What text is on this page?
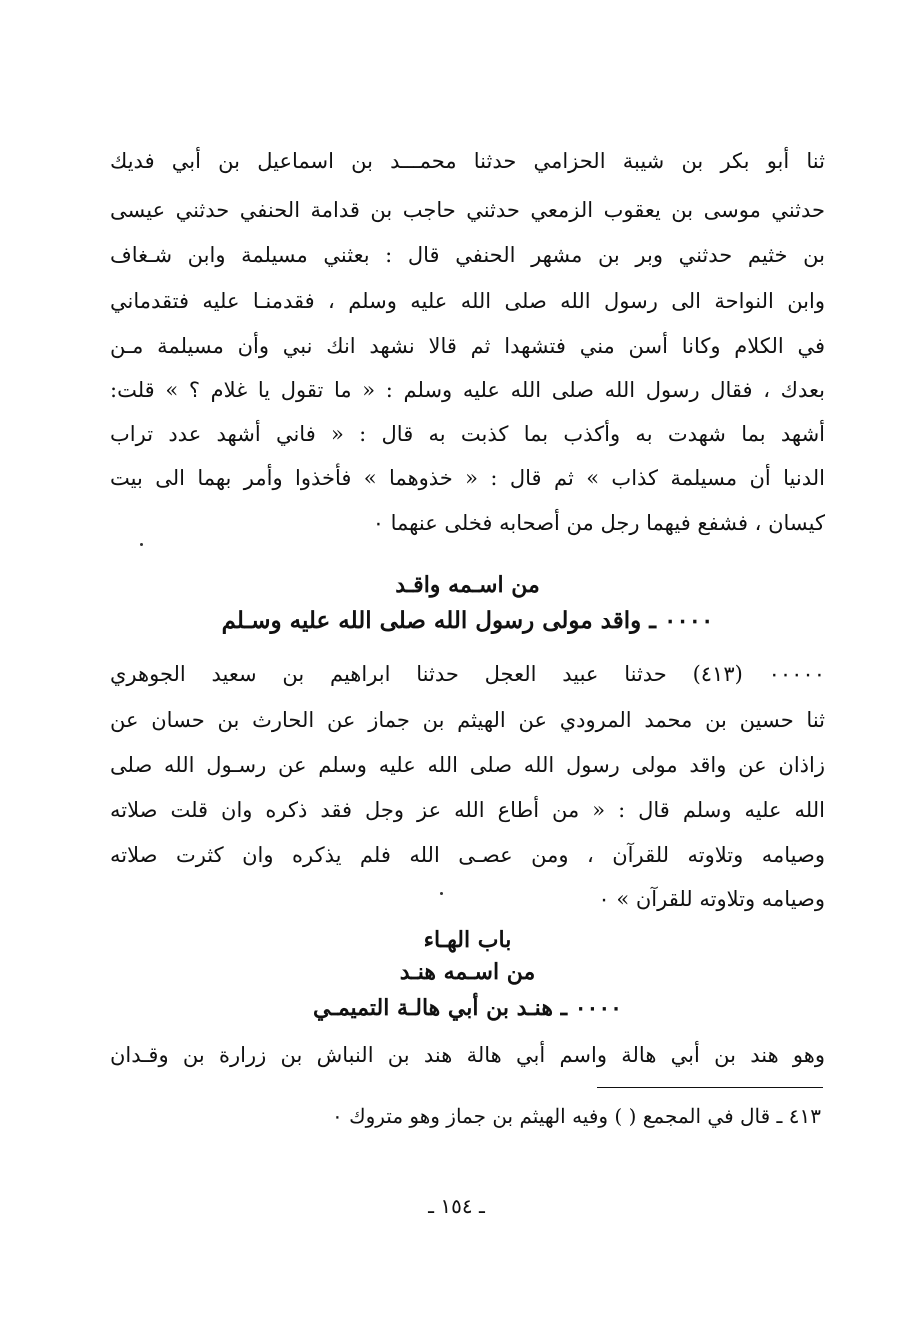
ثنا أبو بكر بن شيبة الحزامي حدثنا محمـــد بن اسماعيل بن أبي فديك
حدثني موسى بن يعقوب الزمعي حدثني حاجب بن قدامة الحنفي حدثني عيسى
بن خثيم حدثني وبر بن مشهر الحنفي قال : بعثني مسيلمة وابن شـغاف
وابن النواحة الى رسول الله صلى الله عليه وسلم ، فقدمنـا عليه فتقدماني
في الكلام وكانا أسن مني فتشهدا ثم قالا نشهد انك نبي وأن مسيلمة مـن
بعدك ، فقال رسول الله صلى الله عليه وسلم : « ما تقول يا غلام ؟ » قلت:
أشهد بما شهدت به وأكذب بما كذبت به قال : « فاني أشهد عدد تراب
الدنيا أن مسيلمة كذاب » ثم قال : « خذوهما » فأخذوا وأمر بهما الى بيت
كيسان ، فشفع فيهما رجل من أصحابه فخلى عنهما ٠
من اسـمه واقـد
٠٠٠٠ ـ واقد مولى رسول الله صلى الله عليه وسـلم
٠٠٠٠٠ (٤١٣) حدثنا عبيد العجل حدثنا ابراهيم بن سعيد الجوهري
ثنا حسين بن محمد المرودي عن الهيثم بن جماز عن الحارث بن حسان عن
زاذان عن واقد مولى رسول الله صلى الله عليه وسلم عن رسـول الله صلى
الله عليه وسلم قال : « من أطاع الله عز وجل فقد ذكره وان قلت صلاته
وصيامه وتلاوته للقرآن ، ومن عصـى الله فلم يذكره وان كثرت صلاته
وصيامه وتلاوته للقرآن » ٠
باب الهـاء
من اسـمه هنـد
٠٠٠٠ ـ هنـد بن أبي هالـة التميمـي
وهو هند بن أبي هالة واسم أبي هالة هند بن النباش بن زرارة بن وقـدان
٤١٣ ـ قال في المجمع ( ) وفيه الهيثم بن جماز وهو متروك ٠
ـ ١٥٤ ـ
